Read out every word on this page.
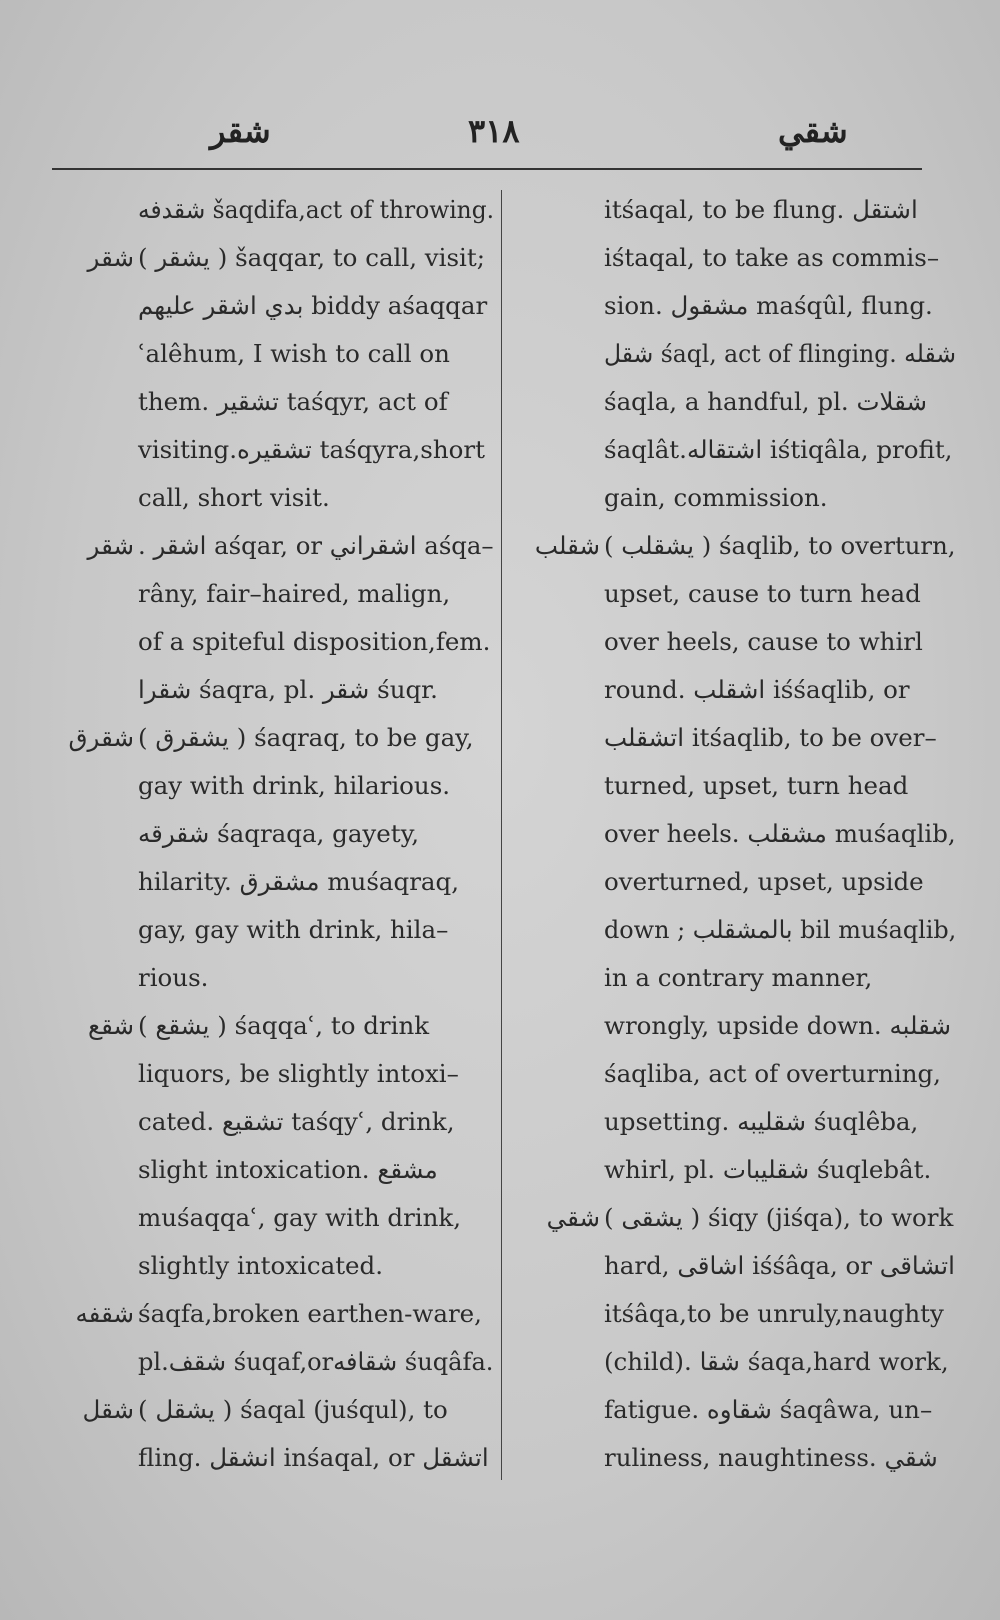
شقر	٣١٨	شقي
شقدفه šaqdifa,act of throwing.
شقر ( يشقر ) šaqqar, to call, visit;
بدي اشقر عليهم biddy aśaqqar
ʿalêhum, I wish to call on
them. تشقير taśqyr, act of
visiting.تشقيره taśqyra,short
call, short visit.
شقر . اشقر aśqar, or اشقراني aśqa–
râny, fair–haired, malign,
of a spiteful disposition,fem.
شقرا śaqra, pl. شقر śuqr.
شقرق ( يشقرق ) śaqraq, to be gay,
gay with drink, hilarious.
شقرقه śaqraqa, gayety,
hilarity. مشقرق muśaqraq,
gay, gay with drink, hila–
rious.
شقع ( يشقع ) śaqqaʿ, to drink
liquors, be slightly intoxi–
cated. تشقيع taśqyʿ, drink,
slight intoxication. مشقع
muśaqqaʿ, gay with drink,
slightly intoxicated.
شقفه śaqfa,broken earthen-ware,
pl.شقف śuqaf,orشقافه śuqâfa.
شقل ( يشقل ) śaqal (juśqul), to
fling. انشقل inśaqal, or اتشقل
itśaqal, to be flung. اشتقل
iśtaqal, to take as commis–
sion. مشقول maśqûl, flung.
شقل śaql, act of flinging. شقله
śaqla, a handful, pl. شقلات
śaqlât.اشتقاله iśtiqâla, profit,
gain, commission.
شقلب ( يشقلب ) śaqlib, to overturn,
upset, cause to turn head
over heels, cause to whirl
round. اشقلب iśśaqlib, or
اتشقلب itśaqlib, to be over–
turned, upset, turn head
over heels. مشقلب muśaqlib,
overturned, upset, upside
down ; بالمشقلب bil muśaqlib,
in a contrary manner,
wrongly, upside down. شقلبه
śaqliba, act of overturning,
upsetting. شقليبه śuqlêba,
whirl, pl. شقليبات śuqlebât.
شقي ( يشقى ) śiqy (jiśqa), to work
hard, اشاقى iśśâqa, or اتشاقى
itśâqa,to be unruly,naughty
(child). شقا śaqa,hard work,
fatigue. شقاوه śaqâwa, un–
ruliness, naughtiness. شقي
